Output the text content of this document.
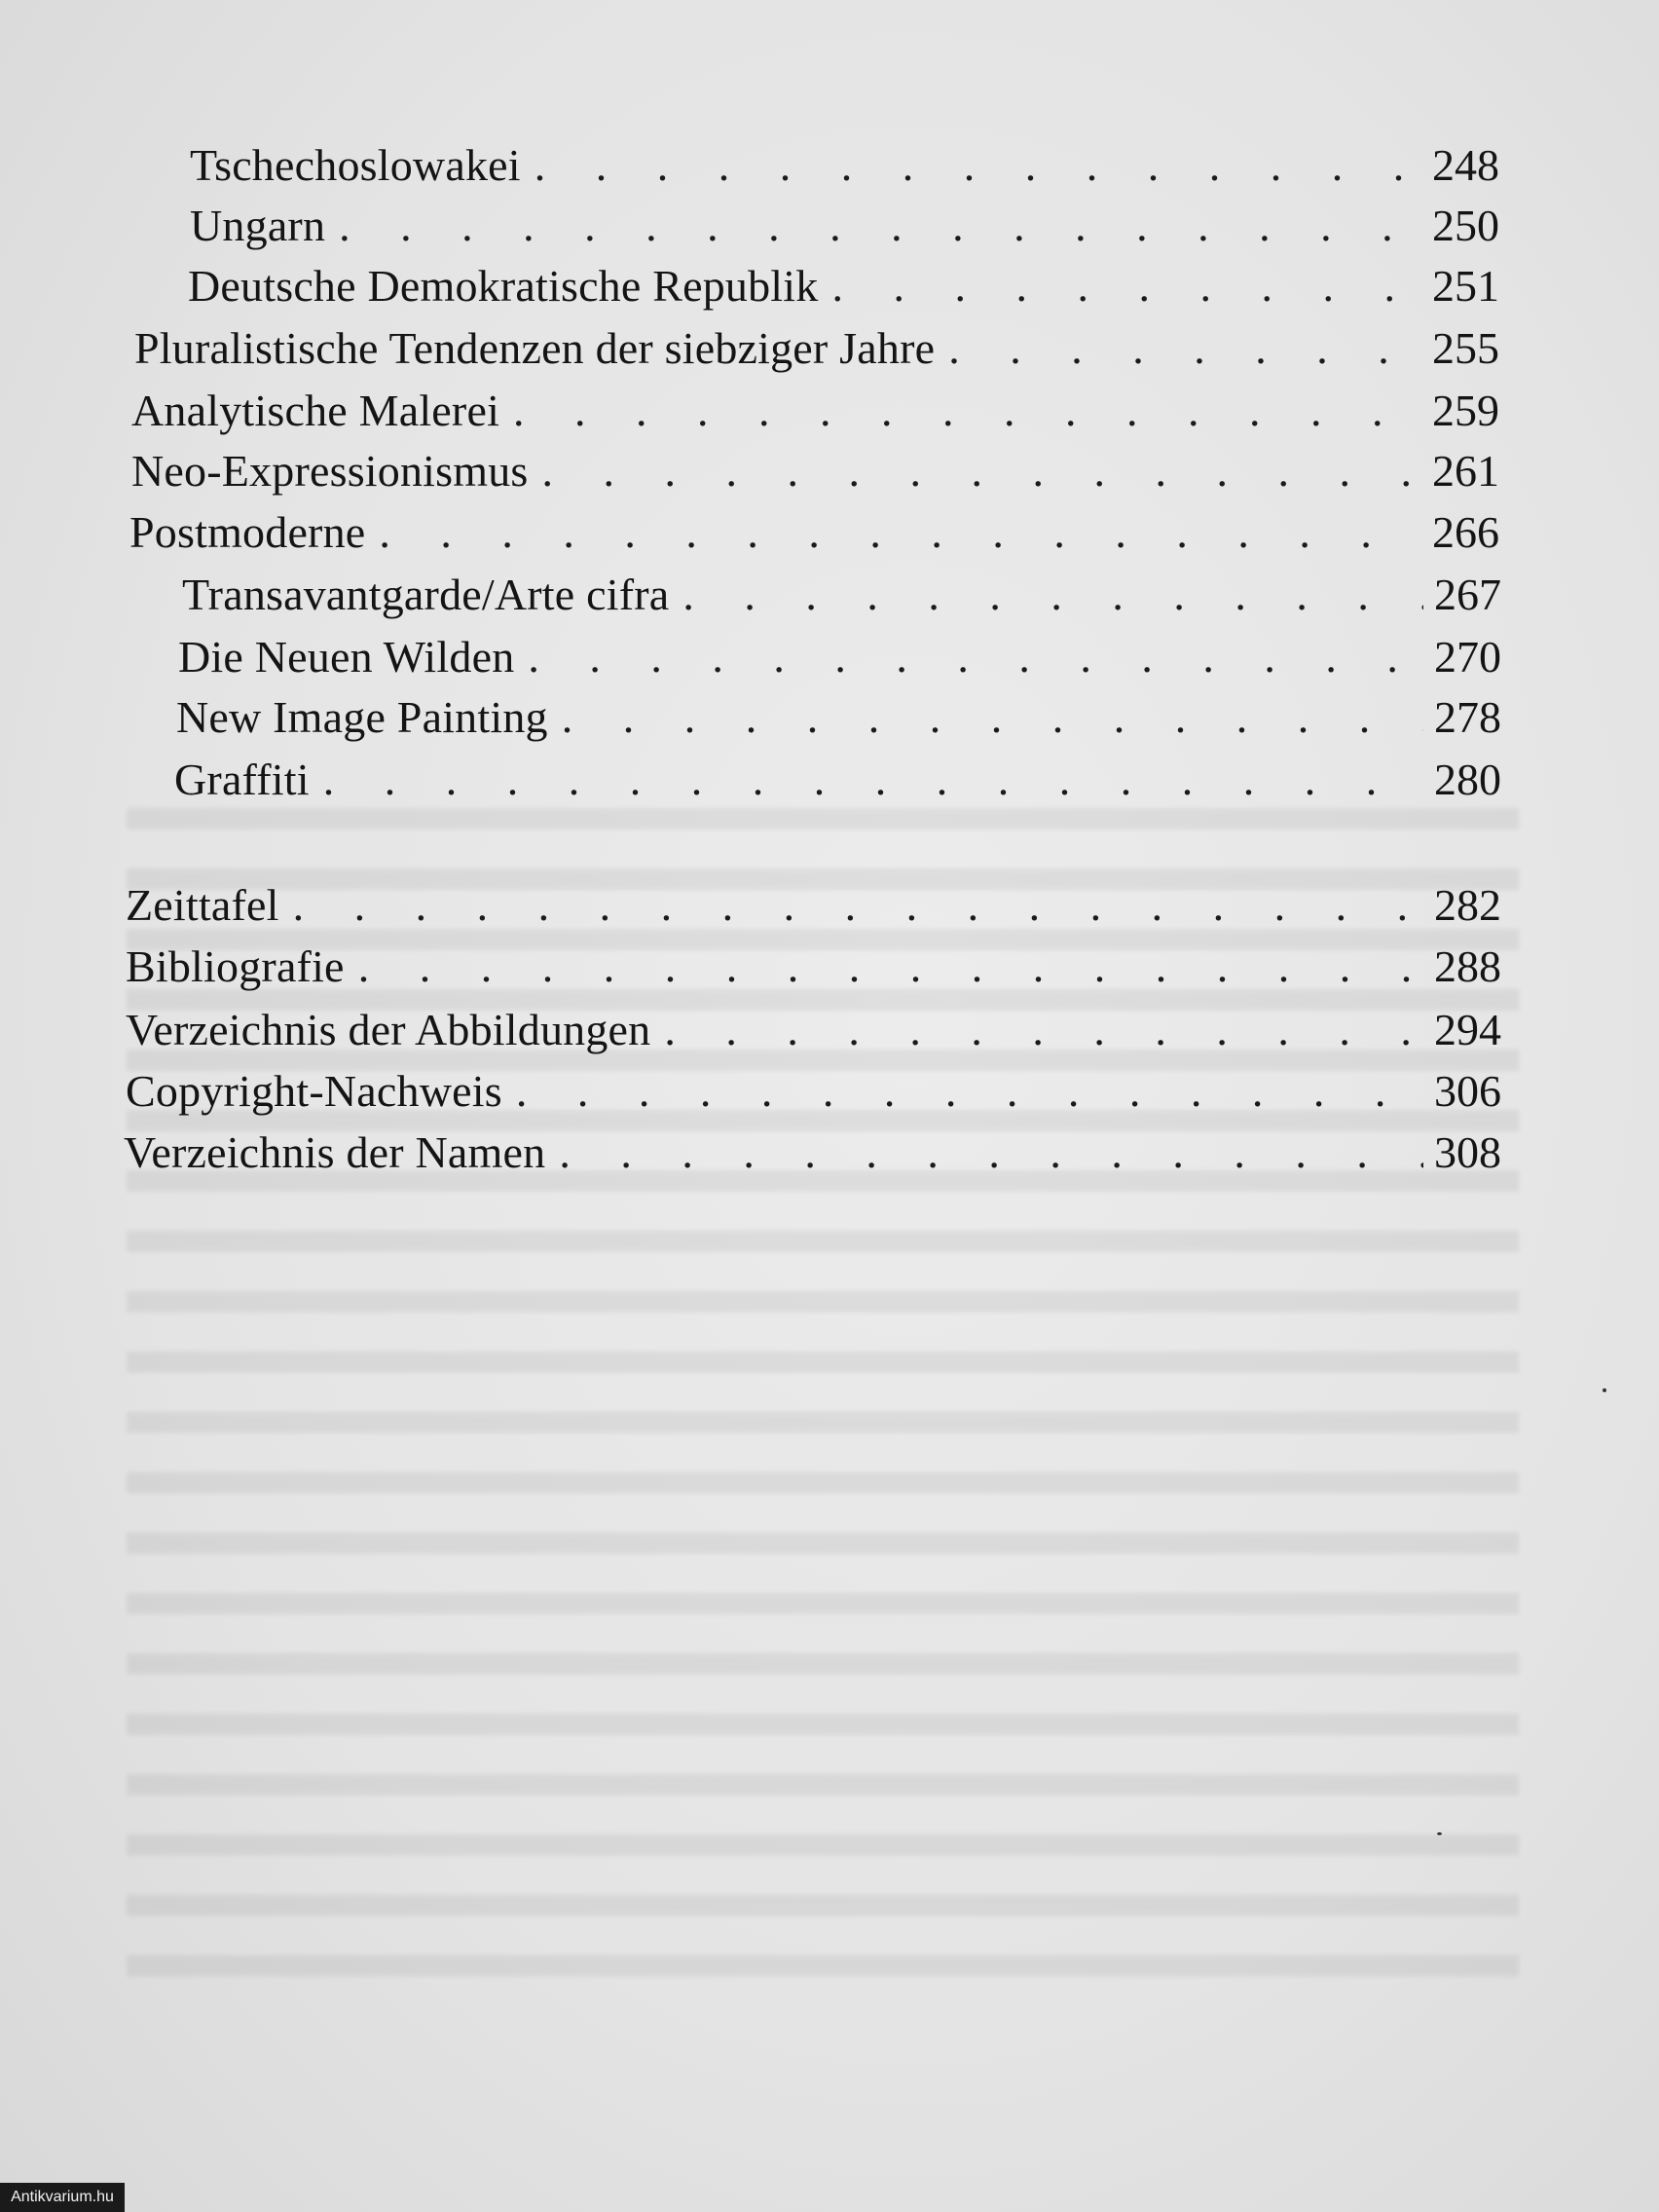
Tschechoslowakei . . .	248
Ungarn . . .	250
Deutsche Demokratische Republik . . .	251
Pluralistische Tendenzen der siebziger Jahre . . .	255
Analytische Malerei . . .	259
Neo-Expressionismus . . .	261
Postmoderne . . .	266
Transavantgarde/Arte cifra . . .	267
Die Neuen Wilden . . .	270
New Image Painting . . .	278
Graffiti . . .	280
Zeittafel . . .	282
Bibliografie . . .	288
Verzeichnis der Abbildungen . . .	294
Copyright-Nachweis . . .	306
Verzeichnis der Namen . . .	308
Antikvarium.hu
